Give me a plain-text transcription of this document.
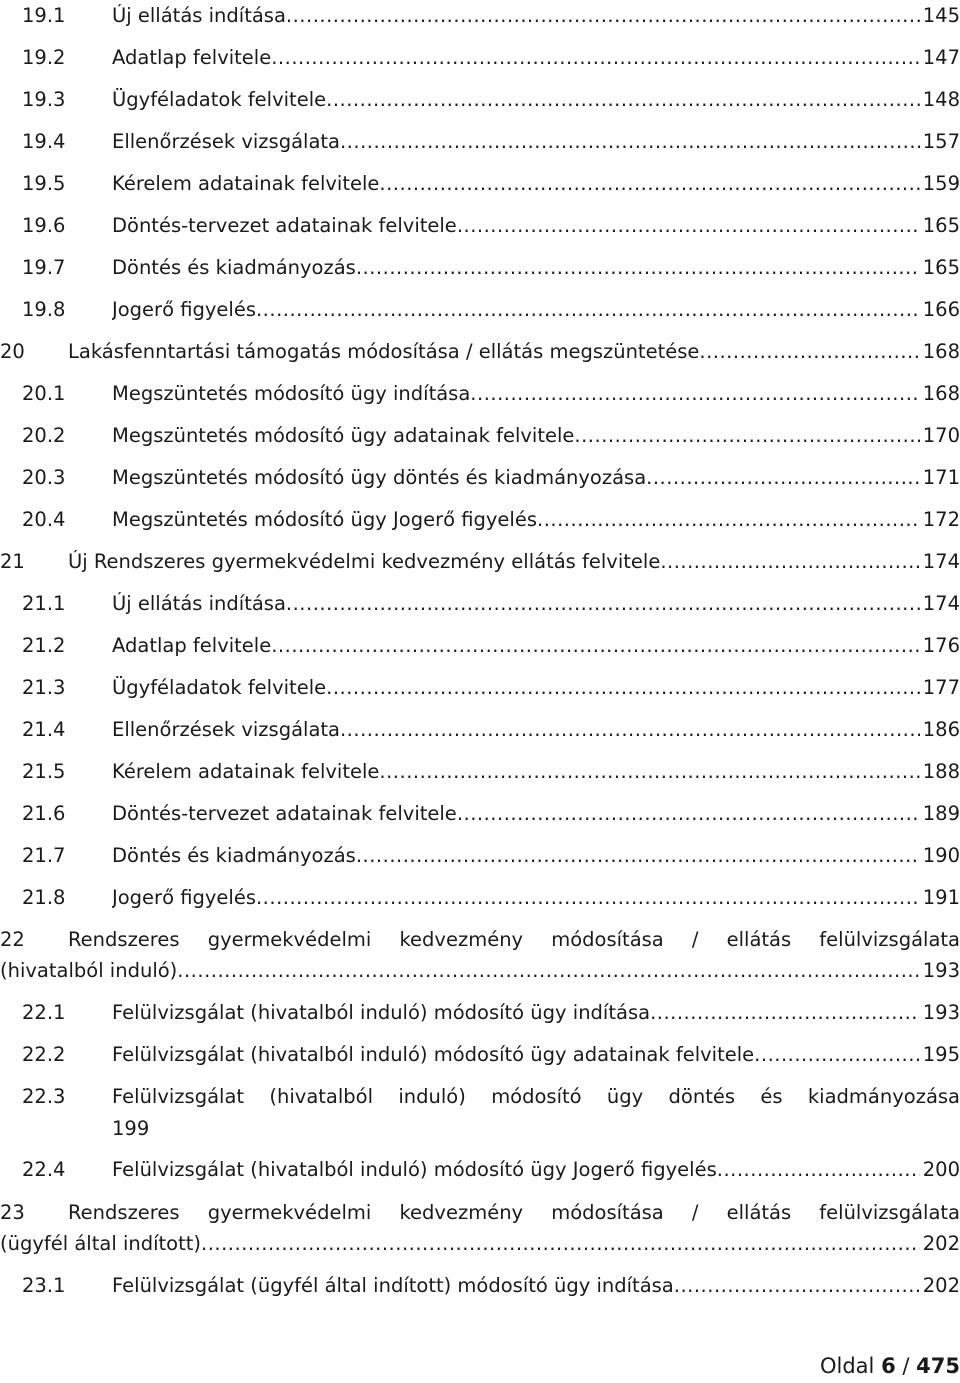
19.1 Új ellátás indítása .....	145
19.2 Adatlap felvitele .....	147
19.3 Ügyféladatok felvitele .....	148
19.4 Ellenőrzések vizsgálata .....	157
19.5 Kérelem adatainak felvitele .....	159
19.6 Döntés-tervezet adatainak felvitele .....	165
19.7 Döntés és kiadmányozás .....	165
19.8 Jogerő figyelés .....	166
20 Lakásfenntartási támogatás módosítása / ellátás megszüntetése .....	168
20.1 Megszüntetés módosító ügy indítása .....	168
20.2 Megszüntetés módosító ügy adatainak felvitele .....	170
20.3 Megszüntetés módosító ügy döntés és kiadmányozása .....	171
20.4 Megszüntetés módosító ügy Jogerő figyelés .....	172
21 Új Rendszeres gyermekvédelmi kedvezmény ellátás felvitele .....	174
21.1 Új ellátás indítása .....	174
21.2 Adatlap felvitele .....	176
21.3 Ügyféladatok felvitele .....	177
21.4 Ellenőrzések vizsgálata .....	186
21.5 Kérelem adatainak felvitele .....	188
21.6 Döntés-tervezet adatainak felvitele .....	189
21.7 Döntés és kiadmányozás .....	190
21.8 Jogerő figyelés .....	191
22 Rendszeres gyermekvédelmi kedvezmény módosítása / ellátás felülvizsgálata
(hivatalból induló) .....	193
22.1 Felülvizsgálat (hivatalból induló) módosító ügy indítása .....	193
22.2 Felülvizsgálat (hivatalból induló) módosító ügy adatainak felvitele .....	195
22.3 Felülvizsgálat (hivatalból induló) módosító ügy döntés és kiadmányozása
199
22.4 Felülvizsgálat (hivatalból induló) módosító ügy Jogerő figyelés .....	200
23 Rendszeres gyermekvédelmi kedvezmény módosítása / ellátás felülvizsgálata
(ügyfél által indított) .....	202
23.1 Felülvizsgálat (ügyfél által indított) módosító ügy indítása .....	202
Oldal 6 / 475
